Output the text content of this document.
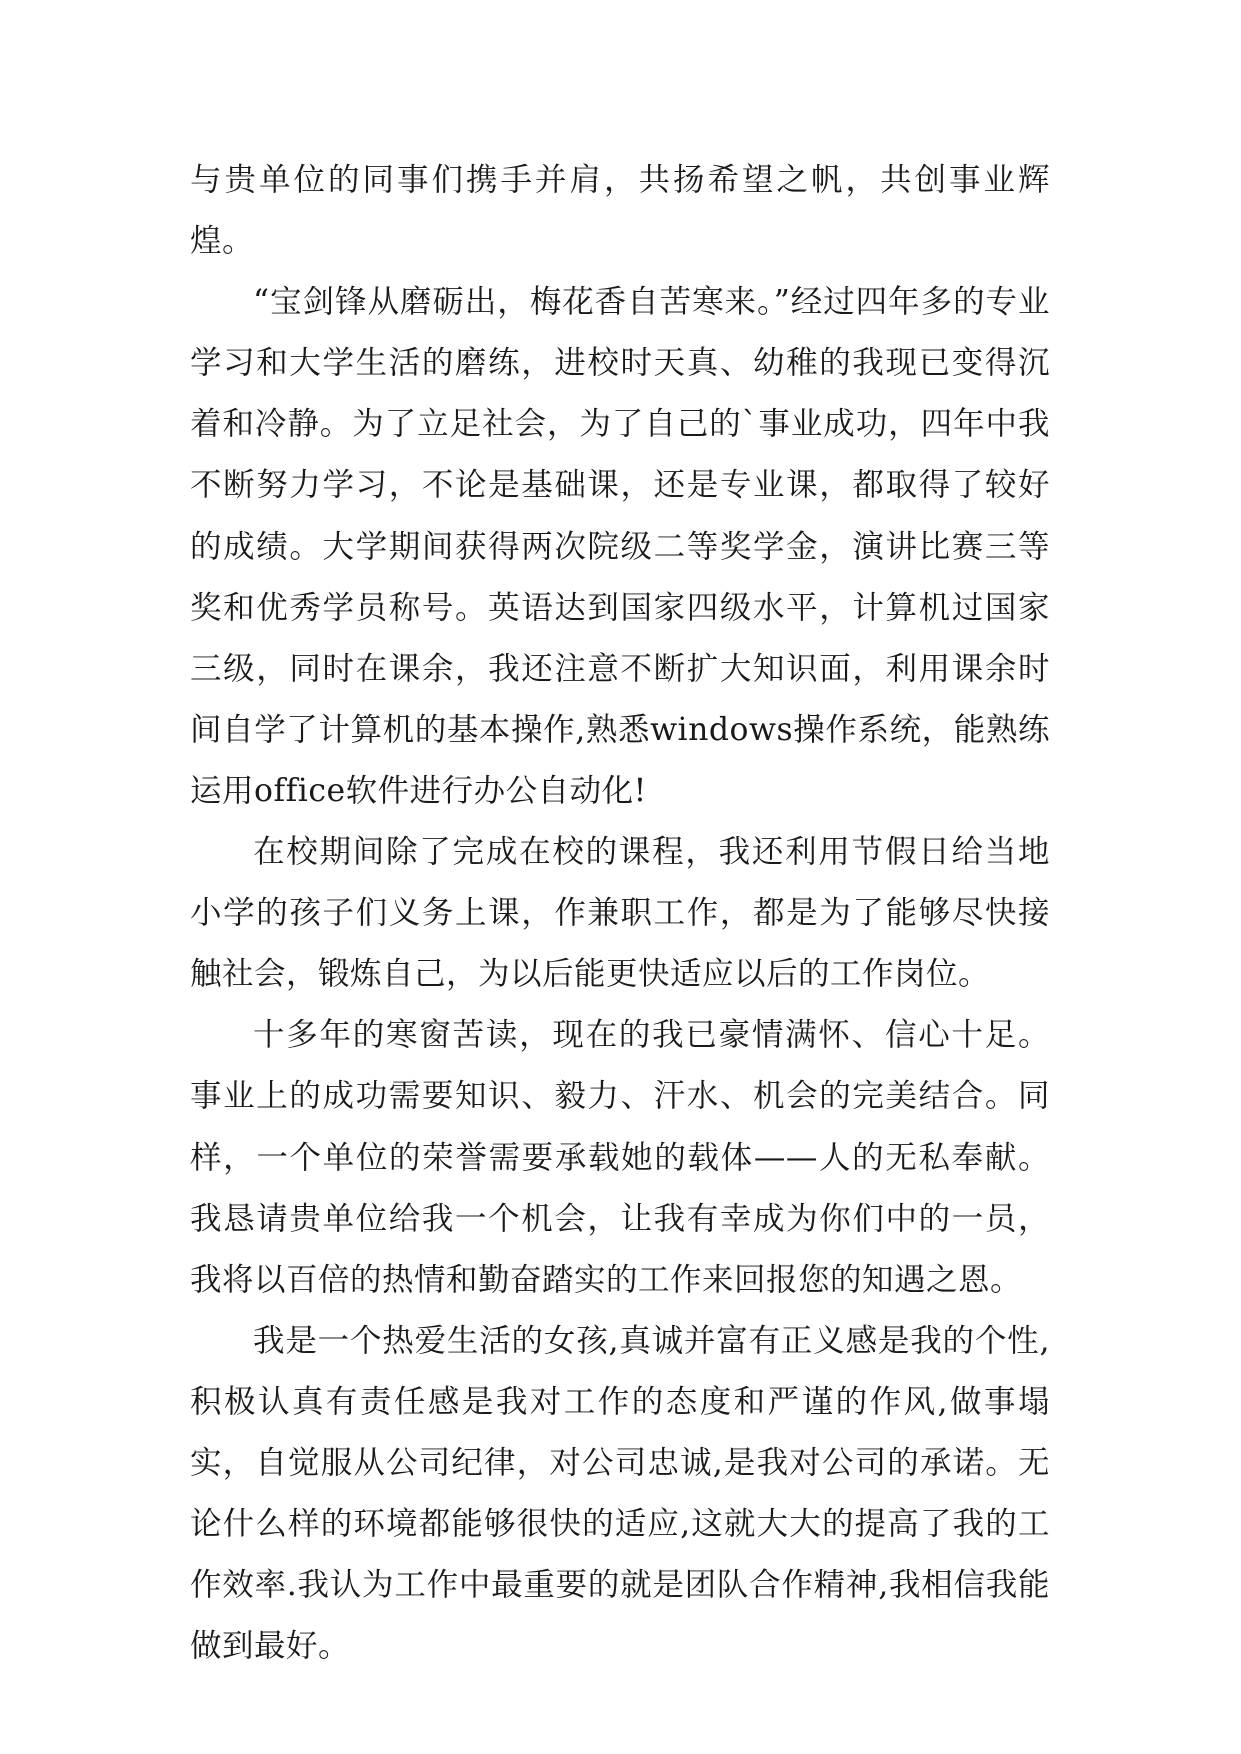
与贵单位的同事们携手并肩，共扬希望之帆，共创事业辉煌。

“宝剑锋从磨砺出，梅花香自苦寒来。”经过四年多的专业学习和大学生活的磨练，进校时天真、幼稚的我现已变得沉着和冷静。为了立足社会，为了自己的`事业成功，四年中我不断努力学习，不论是基础课，还是专业课，都取得了较好的成绩。大学期间获得两次院级二等奖学金，演讲比赛三等奖和优秀学员称号。英语达到国家四级水平，计算机过国家三级，同时在课余，我还注意不断扩大知识面，利用课余时间自学了计算机的基本操作,熟悉windows操作系统，能熟练运用office软件进行办公自动化!

在校期间除了完成在校的课程，我还利用节假日给当地小学的孩子们义务上课，作兼职工作，都是为了能够尽快接触社会，锻炼自己，为以后能更快适应以后的工作岗位。

十多年的寒窗苦读，现在的我已豪情满怀、信心十足。事业上的成功需要知识、毅力、汗水、机会的完美结合。同样，一个单位的荣誉需要承载她的载体——人的无私奉献。我恳请贵单位给我一个机会，让我有幸成为你们中的一员，我将以百倍的热情和勤奋踏实的工作来回报您的知遇之恩。

我是一个热爱生活的女孩,真诚并富有正义感是我的个性,积极认真有责任感是我对工作的态度和严谨的作风,做事塌实，自觉服从公司纪律，对公司忠诚,是我对公司的承诺。无论什么样的环境都能够很快的适应,这就大大的提高了我的工作效率.我认为工作中最重要的就是团队合作精神,我相信我能做到最好。
